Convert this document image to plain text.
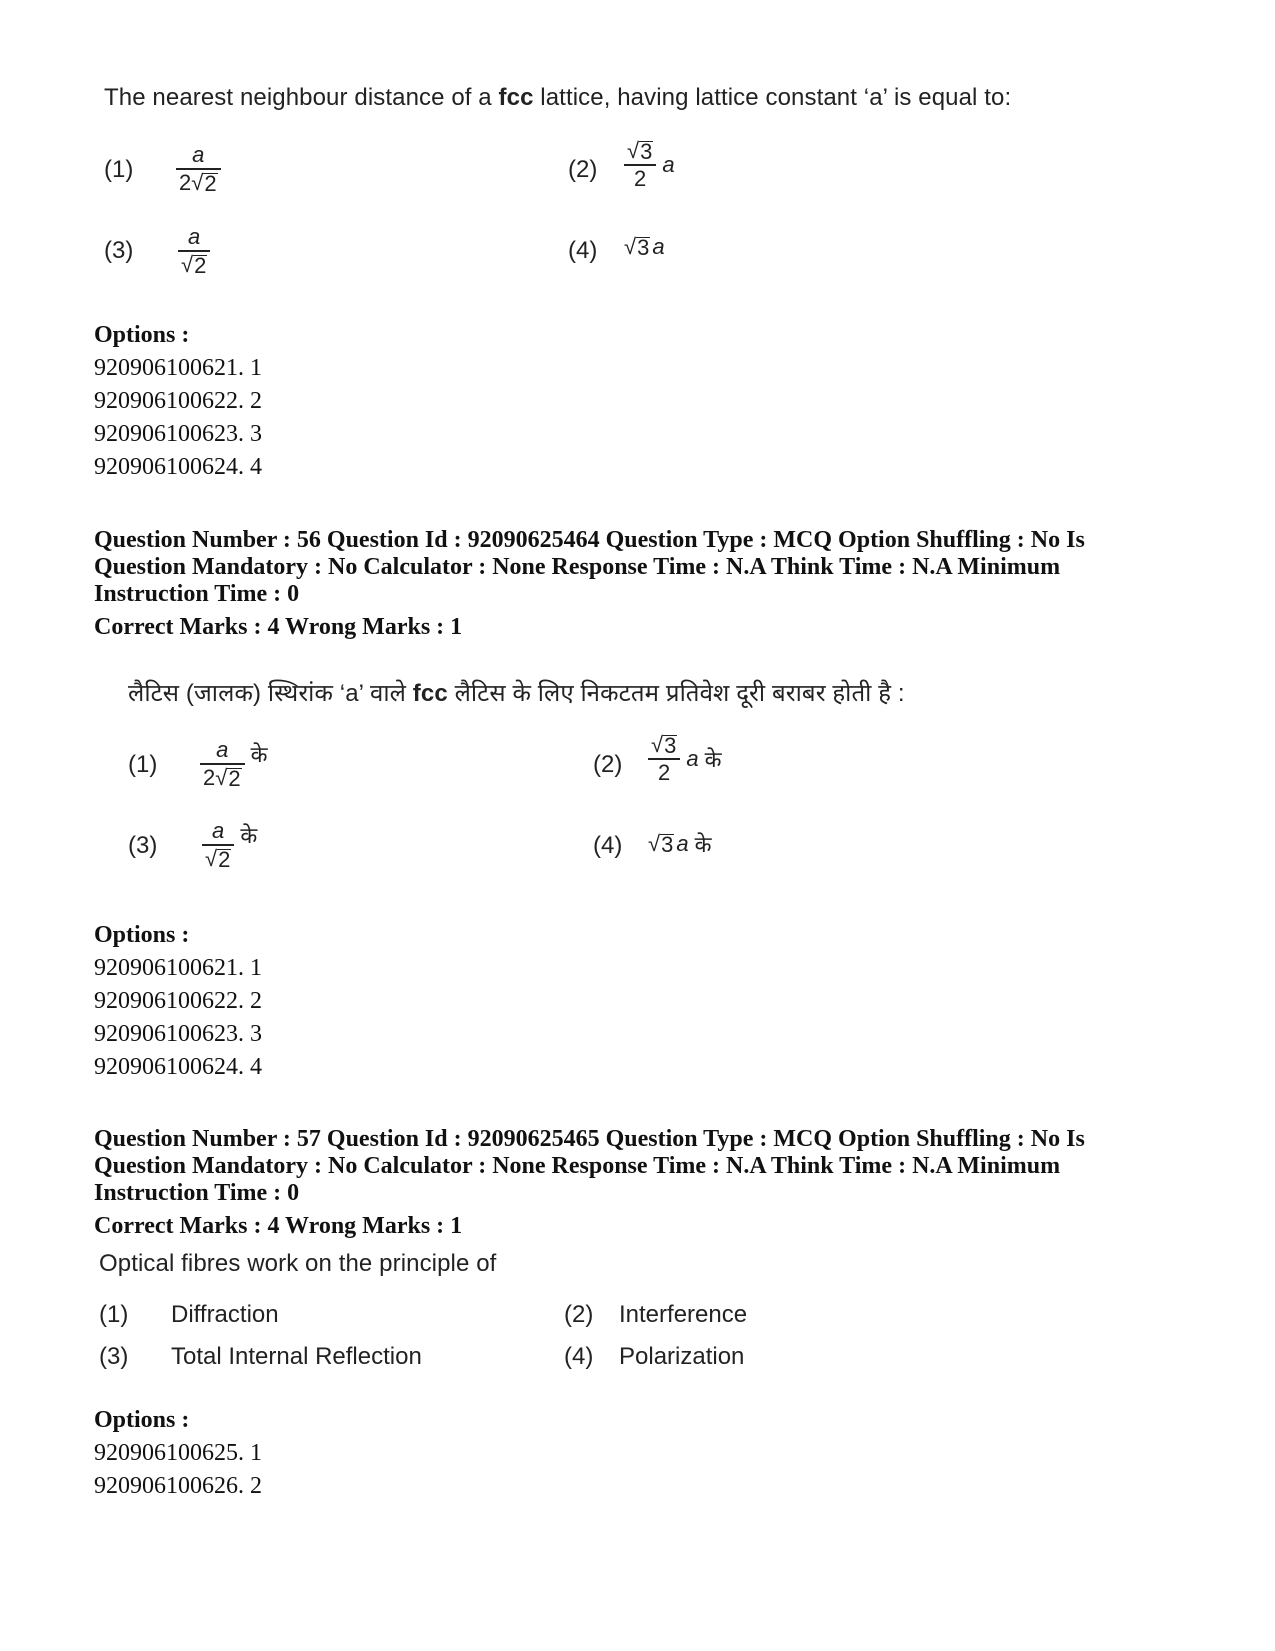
The nearest neighbour distance of a fcc lattice, having lattice constant ‘a’ is equal to:
$(1) \frac{a}{2 √ 2}$	$(2) \frac{√ 3}{2}$ a
$(3) \frac{a}{√ 2}$	(4) √ 3 a
Options :
920906100621. 1
920906100622. 2
920906100623. 3
920906100624. 4
Question Number : 56 Question Id : 92090625464 Question Type : MCQ Option Shuffling : No Is
Question Mandatory : No Calculator : None Response Time : N.A Think Time : N.A Minimum
Instruction Time : 0
Correct Marks : 4 Wrong Marks : 1
लैटिस (जालक) स्थिरांक ‘a’ वाले fcc लैटिस के लिए निकटतम प्रतिवेश दूरी बराबर होती है :
$(1) \frac{a}{2 √ 2}$ के	$(2) \frac{√ 3}{2}$ a के
$(3) \frac{a}{√ 2}$ के	(4) √ 3 a के
Options :
920906100621. 1
920906100622. 2
920906100623. 3
920906100624. 4
Question Number : 57 Question Id : 92090625465 Question Type : MCQ Option Shuffling : No Is
Question Mandatory : No Calculator : None Response Time : N.A Think Time : N.A Minimum
Instruction Time : 0
Correct Marks : 4 Wrong Marks : 1
Optical fibres work on the principle of
(1) Diffraction	(2) Interference
(3) Total Internal Reflection	(4) Polarization
Options :
920906100625. 1
920906100626. 2
